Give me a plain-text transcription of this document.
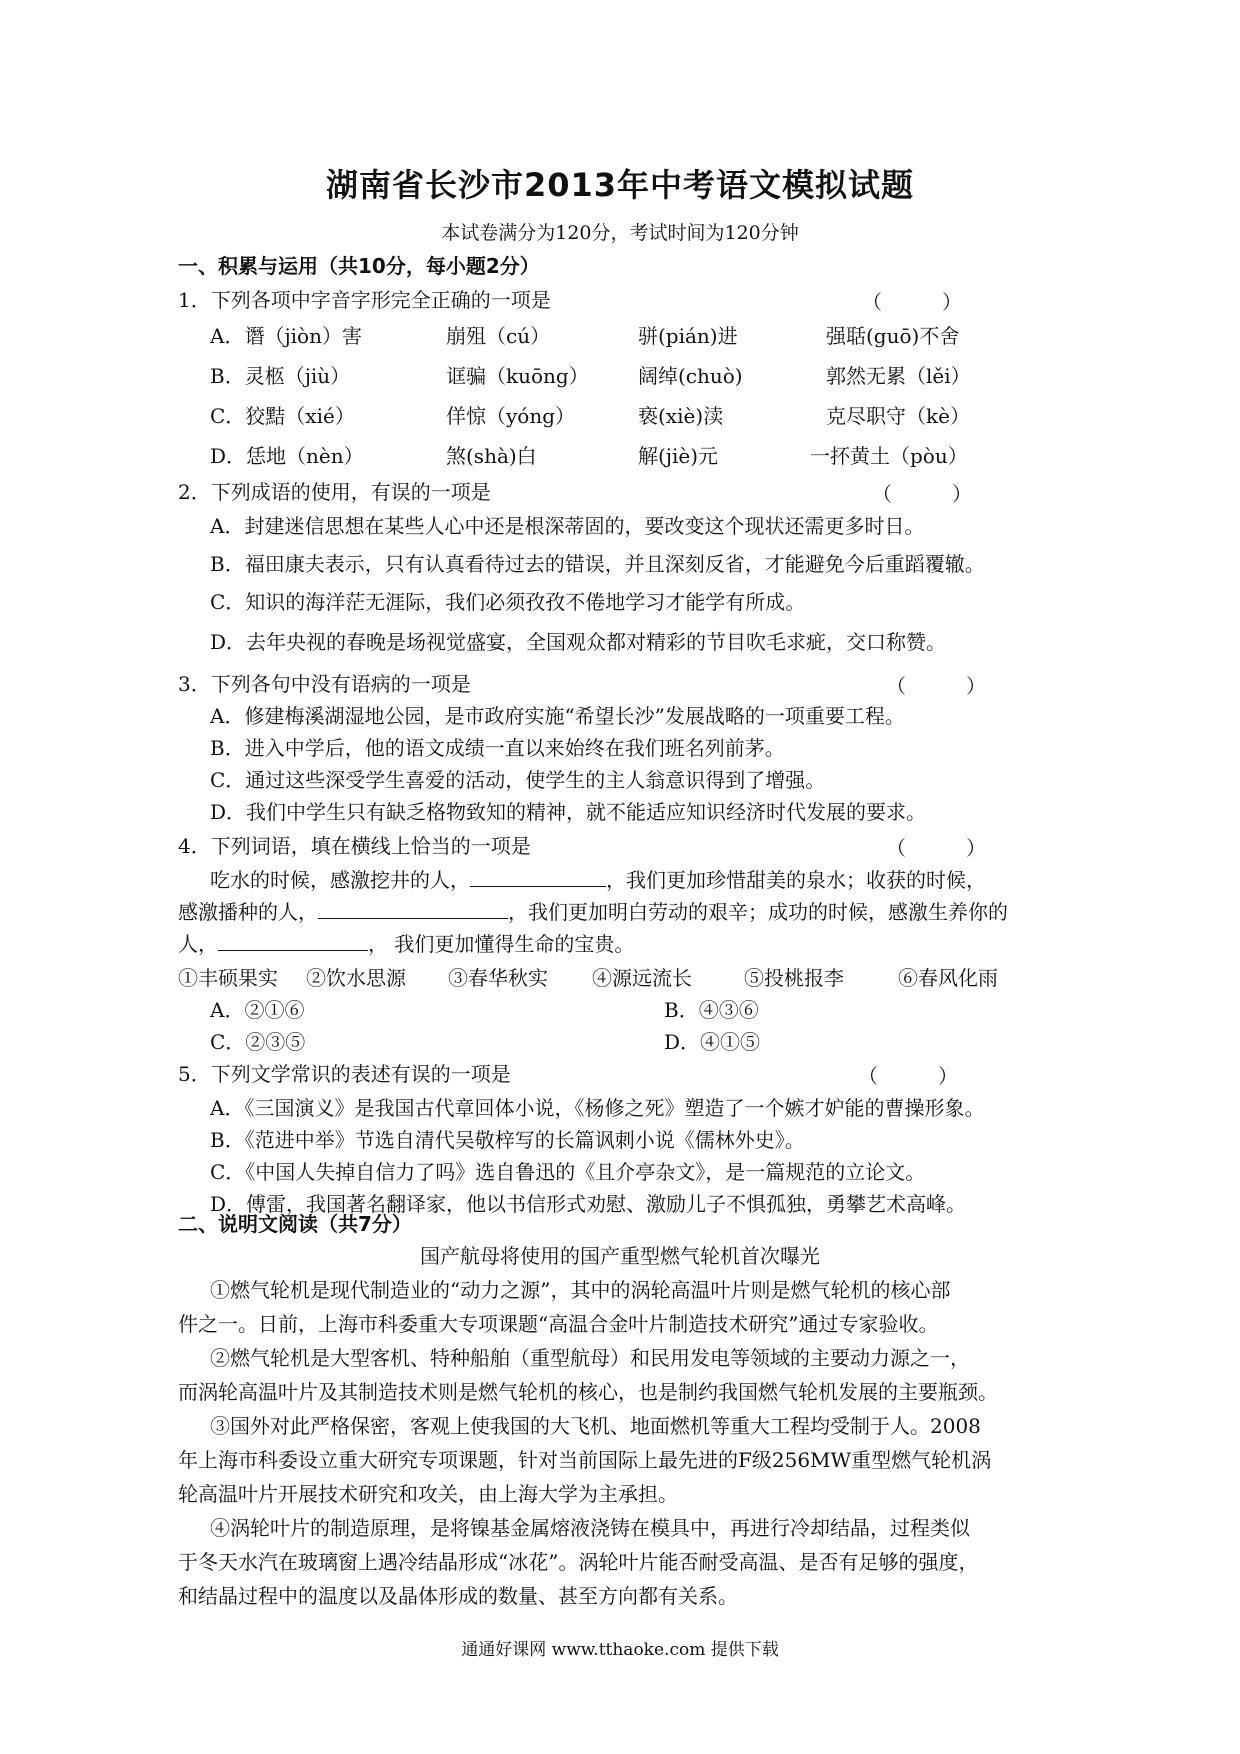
湖南省长沙市2013年中考语文模拟试题
本试卷满分为120分，考试时间为120分钟
一、积累与运用（共10分，每小题2分）
1．下列各项中字音字形完全正确的一项是	（　　　）
A．谮（jiòn）害	崩殂（cú）	骈(pián)进	强聒(guō)不舍
B．灵柩（jiù）	诓骗（kuōng） 阔绰(chuò)	郭然无累（lěi）
C．狡黠（xié）	佯惊（yóng）	亵(xiè)渎	克尽职守（kè）
D．恁地（nèn）	煞(shà)白	解(jiè)元	一抔黄土（pòu）
2．下列成语的使用，有误的一项是	（　　　）
A．封建迷信思想在某些人心中还是根深蒂固的，要改变这个现状还需更多时日。
B．福田康夫表示，只有认真看待过去的错误，并且深刻反省，才能避免今后重蹈覆辙。
C．知识的海洋茫无涯际，我们必须孜孜不倦地学习才能学有所成。
D．去年央视的春晚是场视觉盛宴，全国观众都对精彩的节目吹毛求疵，交口称赞。
3．下列各句中没有语病的一项是	（　　　）
A．修建梅溪湖湿地公园，是市政府实施“希望长沙”发展战略的一项重要工程。
B．进入中学后，他的语文成绩一直以来始终在我们班名列前茅。
C．通过这些深受学生喜爱的活动，使学生的主人翁意识得到了增强。
D．我们中学生只有缺乏格物致知的精神，就不能适应知识经济时代发展的要求。
4．下列词语，填在横线上恰当的一项是	（　　　）
吃水的时候，感激挖井的人，	，我们更加珍惜甜美的泉水；收获的时候，
感激播种的人，	，我们更加明白劳动的艰辛；成功的时候，感激生养你的
人，	， 我们更加懂得生命的宝贵。
①丰硕果实 ②饮水思源 ③春华秋实 ④源远流长	⑤投桃报李	⑥春风化雨
A．②①⑥	B．④③⑥
C．②③⑤	D．④①⑤
5．下列文学常识的表述有误的一项是	（　　　）
A．《三国演义》是我国古代章回体小说，《杨修之死》塑造了一个嫉才妒能的曹操形象。
B．《范进中举》节选自清代吴敬梓写的长篇讽刺小说《儒林外史》。
C．《中国人失掉自信力了吗》选自鲁迅的《且介亭杂文》，是一篇规范的立论文。
D．傅雷，我国著名翻译家，他以书信形式劝慰、激励儿子不惧孤独，勇攀艺术高峰。
二、说明文阅读（共7分）
国产航母将使用的国产重型燃气轮机首次曝光
①燃气轮机是现代制造业的“动力之源”，其中的涡轮高温叶片则是燃气轮机的核心部
件之一。日前，上海市科委重大专项课题“高温合金叶片制造技术研究”通过专家验收。
②燃气轮机是大型客机、特种船舶（重型航母）和民用发电等领域的主要动力源之一，
而涡轮高温叶片及其制造技术则是燃气轮机的核心，也是制约我国燃气轮机发展的主要瓶颈。
③国外对此严格保密，客观上使我国的大飞机、地面燃机等重大工程均受制于人。2008
年上海市科委设立重大研究专项课题，针对当前国际上最先进的F级256MW重型燃气轮机涡
轮高温叶片开展技术研究和攻关，由上海大学为主承担。
④涡轮叶片的制造原理，是将镍基金属熔液浇铸在模具中，再进行冷却结晶，过程类似
于冬天水汽在玻璃窗上遇冷结晶形成“冰花”。涡轮叶片能否耐受高温、是否有足够的强度，
和结晶过程中的温度以及晶体形成的数量、甚至方向都有关系。
通通好课网 www.tthaoke.com 提供下载
